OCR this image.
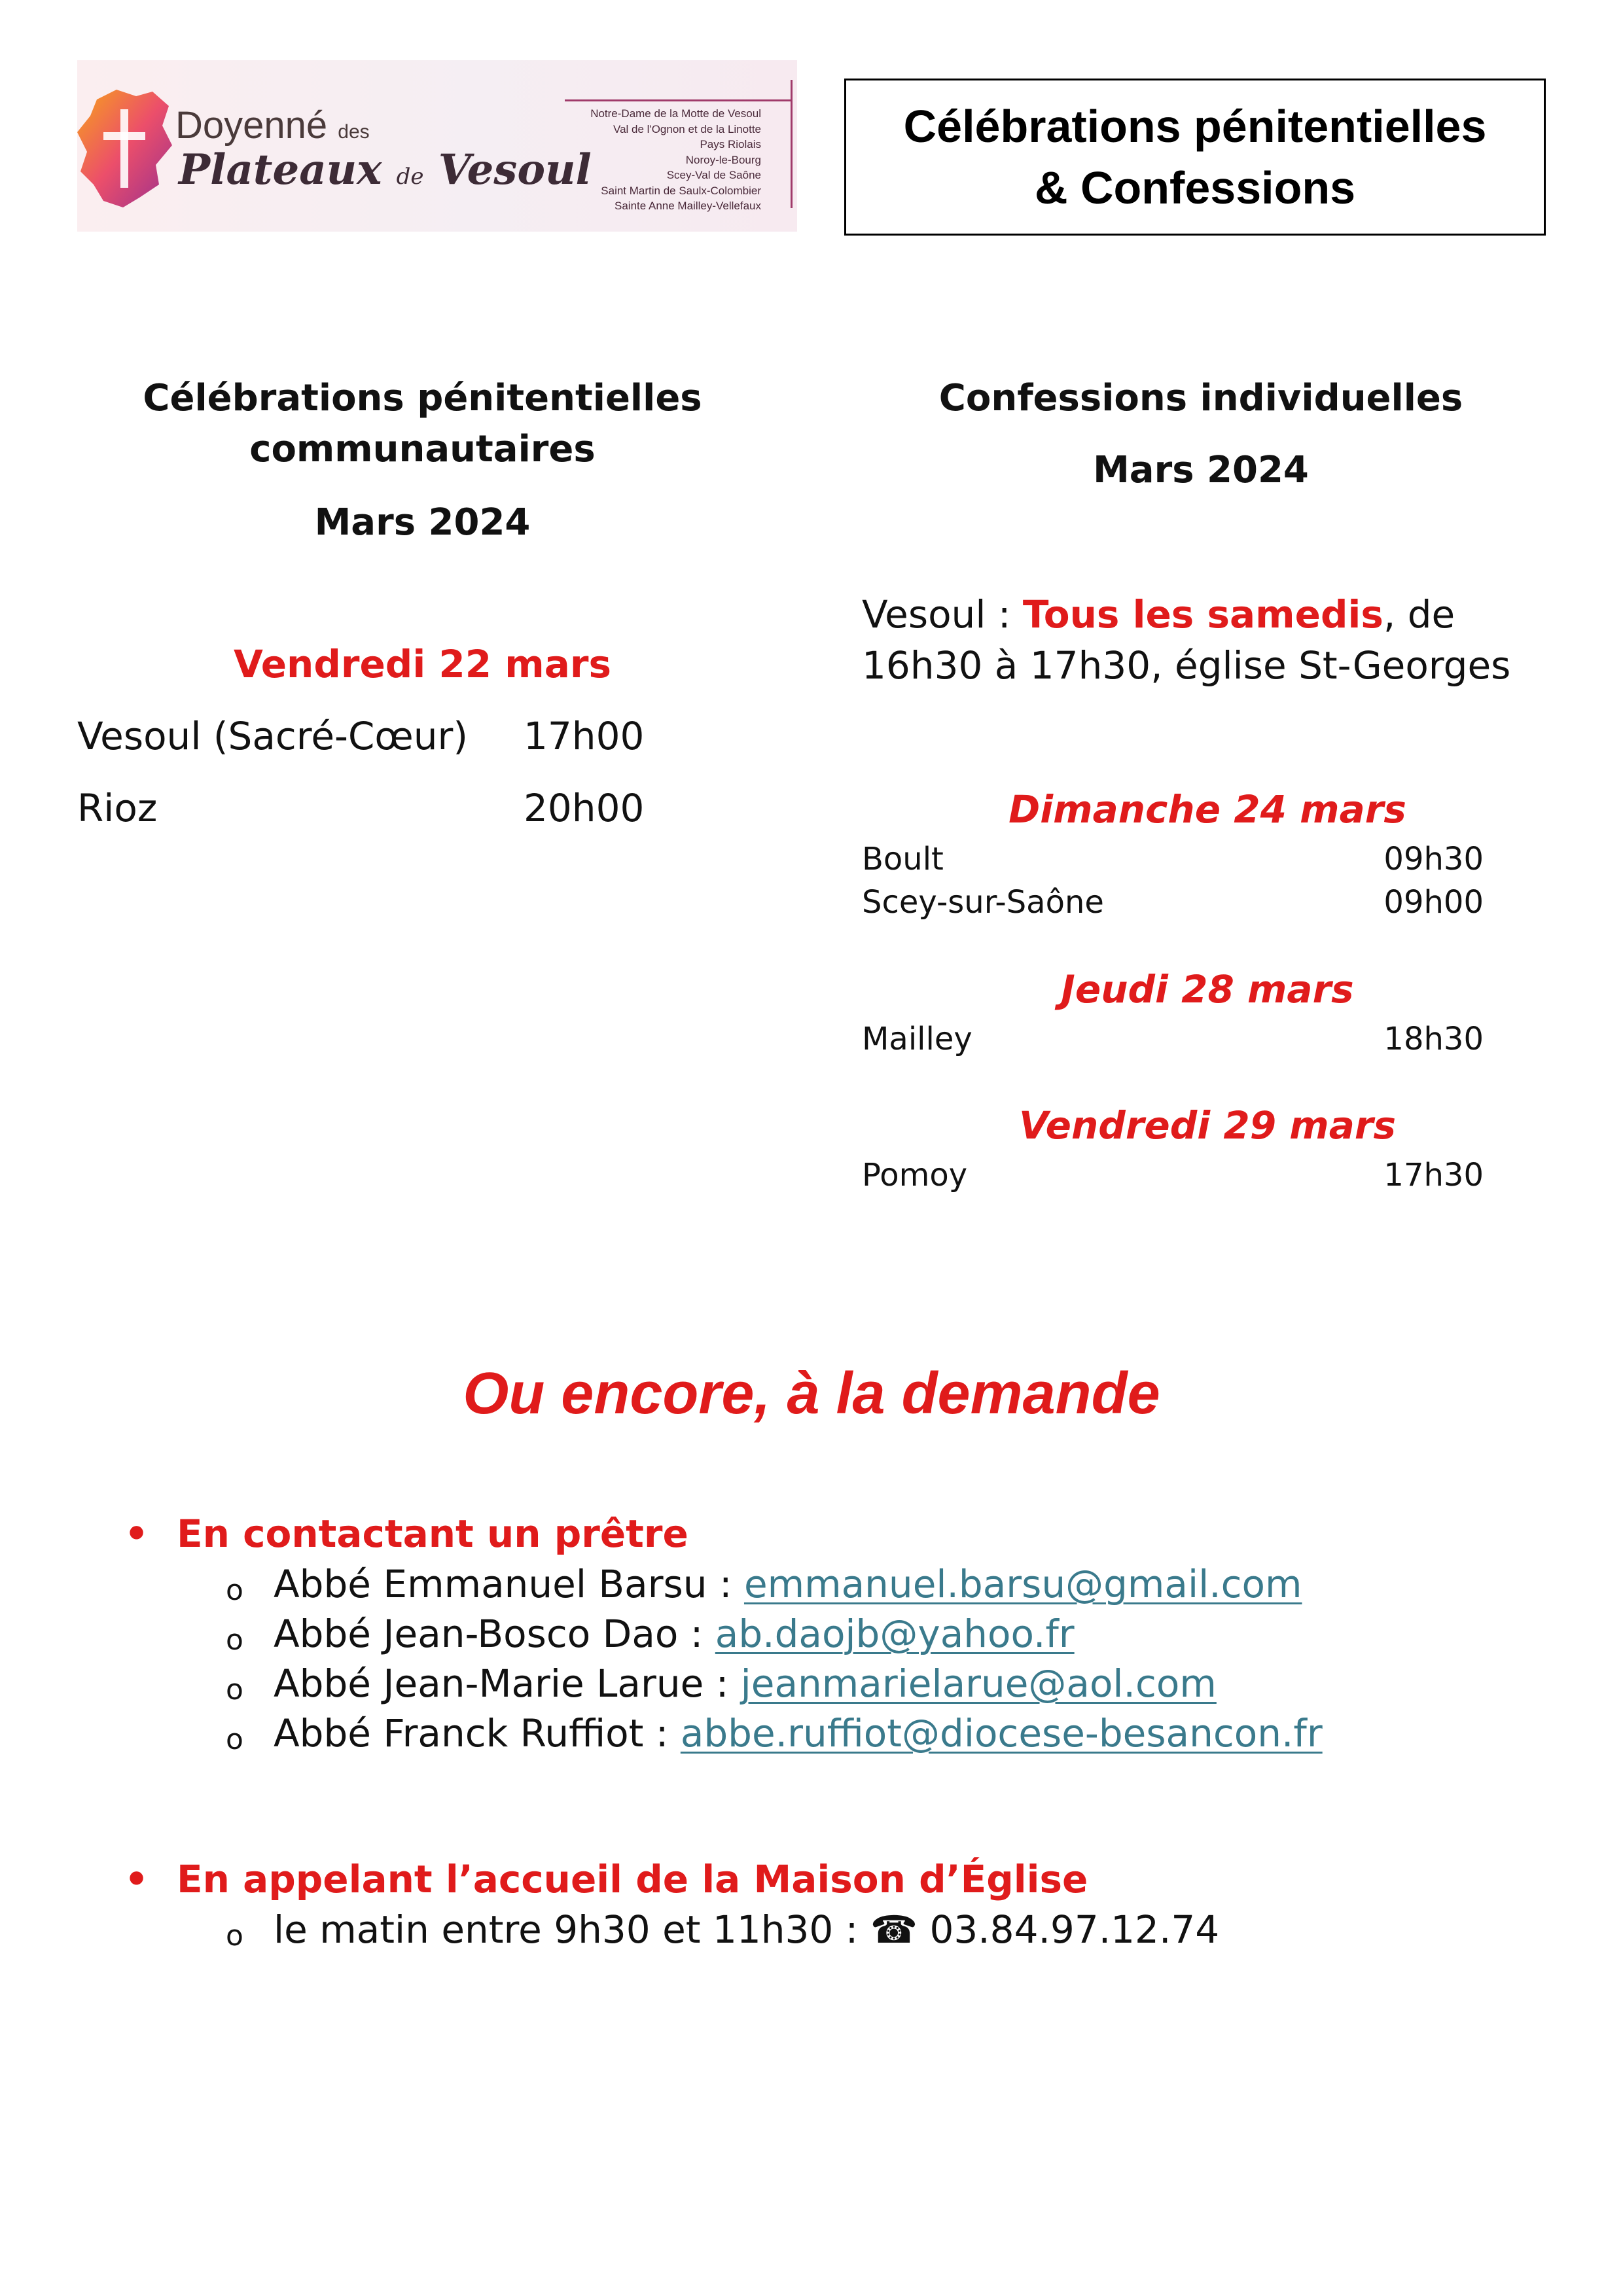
Doyenné des
Plateaux de Vesoul
Notre-Dame de la Motte de Vesoul
Val de l'Ognon et de la Linotte
Pays Riolais
Noroy-le-Bourg
Scey-Val de Saône
Saint Martin de Saulx-Colombier
Sainte Anne Mailley-Vellefaux
Célébrations pénitentielles
& Confessions
Célébrations pénitentielles
communautaires
Mars 2024
Vendredi 22 mars
Vesoul (Sacré-Cœur) 17h00
Rioz	20h00
Confessions individuelles
Mars 2024
Vesoul : Tous les samedis, de
16h30 à 17h30, église St-Georges
Dimanche 24 mars
Boult	09h30
Scey-sur-Saône	09h00
Jeudi 28 mars
Mailley	18h30
Vendredi 29 mars
Pomoy	17h30
Ou encore, à la demande
• En contactant un prêtre
o Abbé Emmanuel Barsu : emmanuel.barsu@gmail.com
o Abbé Jean-Bosco Dao : ab.daojb@yahoo.fr
o Abbé Jean-Marie Larue : jeanmarielarue@aol.com
o Abbé Franck Ruffiot : abbe.ruffiot@diocese-besancon.fr
• En appelant l’accueil de la Maison d’Église
o le matin entre 9h30 et 11h30 : ☎ 03.84.97.12.74
